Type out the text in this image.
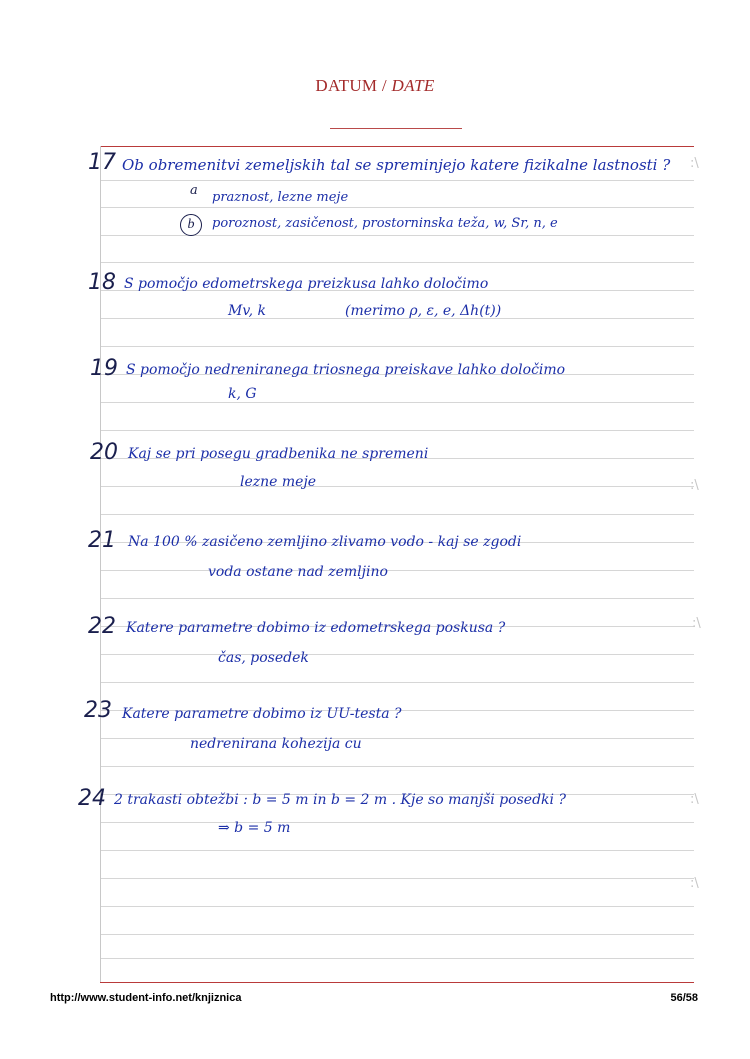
DATUM / DATE
17 Ob obremenitvi zemeljskih tal se spreminjejo katere fizikalne lastnosti ?
a praznost, lezne meje
b	poroznost, zasičenost, prostorninska teža, w, Sr, n, e
18 S pomočjo edometrskega preizkusa lahko določimo
Mv, k	(merimo ρ, ε, e, Δh(t))
19 S pomočjo nedreniranega triosnega preiskave lahko določimo
k, G
20 Kaj se pri posegu gradbenika ne spremeni
lezne meje
21 Na 100 % zasičeno zemljino zlivamo vodo - kaj se zgodi
voda ostane nad zemljino
22 Katere parametre dobimo iz edometrskega poskusa ?
čas, posedek
23 Katere parametre dobimo iz UU-testa ?
nedrenirana kohezija cu
24 2 trakasti obtežbi : b = 5 m in b = 2 m . Kje so manjši posedki ?
⇒ b = 5 m
:\
:\
:\
:\
:\
http://www.student-info.net/knjiznica	56/58
